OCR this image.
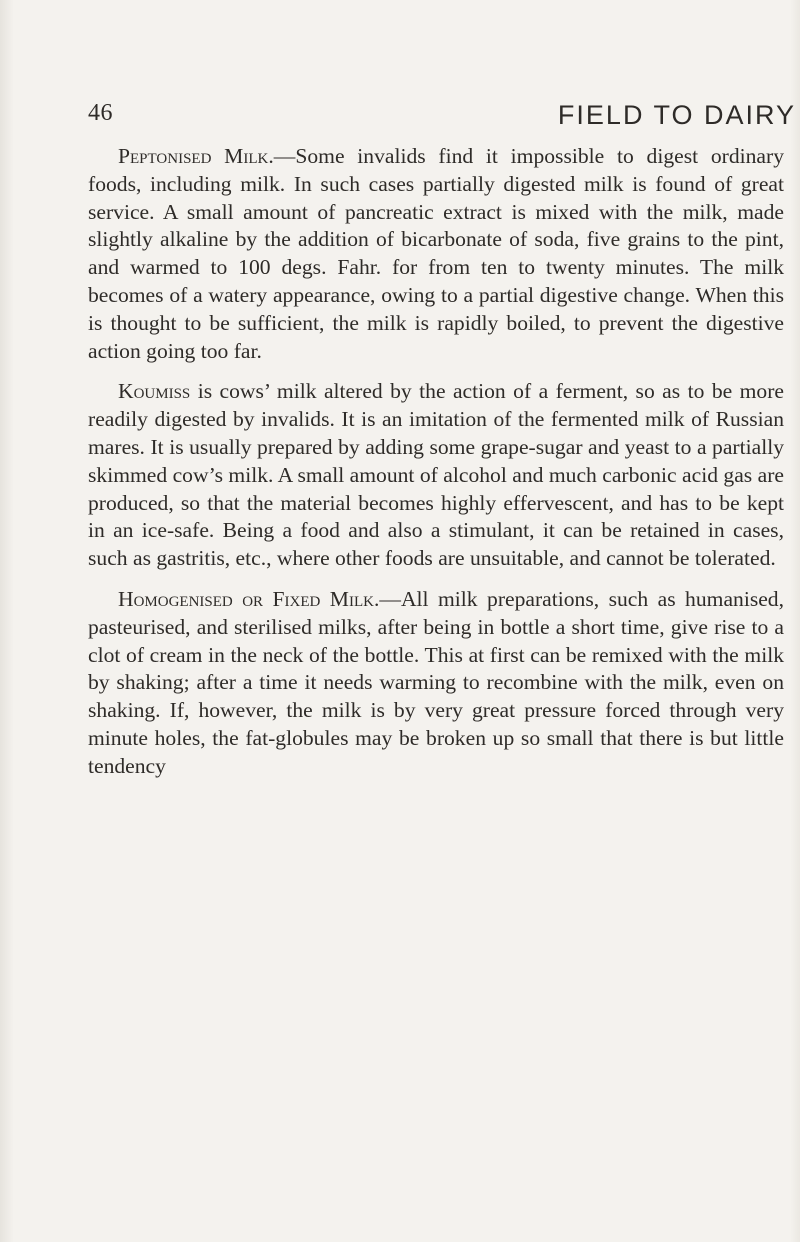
46	FIELD TO DAIRY

Peptonised Milk.—Some invalids find it impossible to digest ordinary foods, including milk. In such cases partially digested milk is found of great service. A small amount of pancreatic extract is mixed with the milk, made slightly alkaline by the addition of bicarbonate of soda, five grains to the pint, and warmed to 100 degs. Fahr. for from ten to twenty minutes. The milk becomes of a watery appearance, owing to a partial digestive change. When this is thought to be sufficient, the milk is rapidly boiled, to prevent the digestive action going too far.

Koumiss is cows’ milk altered by the action of a ferment, so as to be more readily digested by invalids. It is an imitation of the fermented milk of Russian mares. It is usually prepared by adding some grape-sugar and yeast to a partially skimmed cow’s milk. A small amount of alcohol and much carbonic acid gas are produced, so that the material becomes highly effervescent, and has to be kept in an ice-safe. Being a food and also a stimulant, it can be retained in cases, such as gastritis, etc., where other foods are unsuitable, and cannot be tolerated.

Homogenised or Fixed Milk.—All milk preparations, such as humanised, pasteurised, and sterilised milks, after being in bottle a short time, give rise to a clot of cream in the neck of the bottle. This at first can be remixed with the milk by shaking; after a time it needs warming to recombine with the milk, even on shaking. If, however, the milk is by very great pressure forced through very minute holes, the fat-globules may be broken up so small that there is but little tendency
